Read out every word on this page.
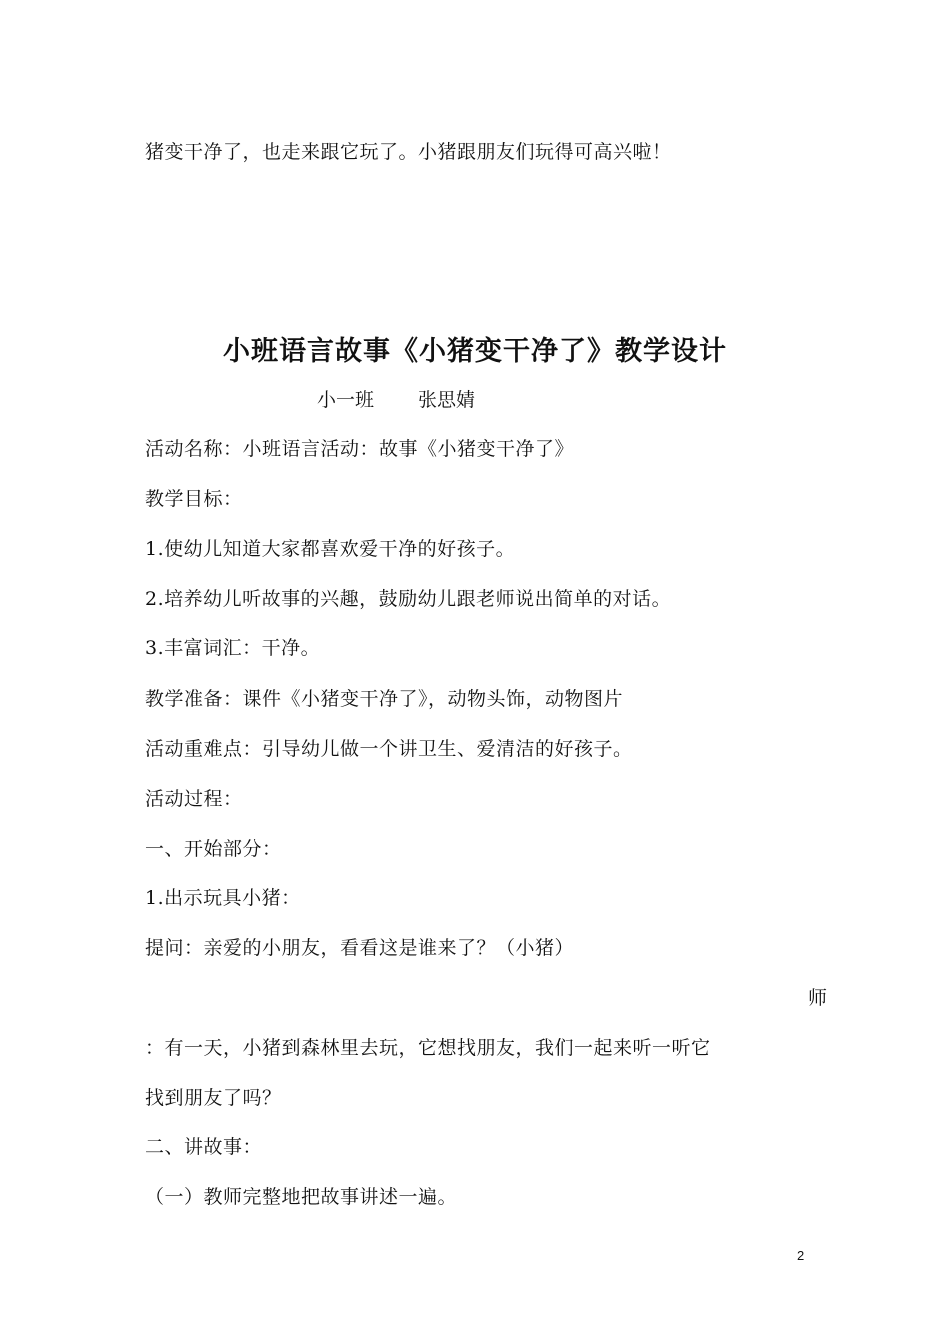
猪变干净了，也走来跟它玩了。小猪跟朋友们玩得可高兴啦！
小班语言故事《小猪变干净了》教学设计
小一班 张思婧
活动名称：小班语言活动：故事《小猪变干净了》
教学目标：
1.使幼儿知道大家都喜欢爱干净的好孩子。
2.培养幼儿听故事的兴趣，鼓励幼儿跟老师说出简单的对话。
3.丰富词汇：干净。
教学准备：课件《小猪变干净了》，动物头饰，动物图片
活动重难点：引导幼儿做一个讲卫生、爱清洁的好孩子。
活动过程：
一、开始部分：
1.出示玩具小猪：
提问：亲爱的小朋友，看看这是谁来了？（小猪）
师
：有一天，小猪到森林里去玩，它想找朋友，我们一起来听一听它
找到朋友了吗？
二、讲故事：
（一）教师完整地把故事讲述一遍。
2
